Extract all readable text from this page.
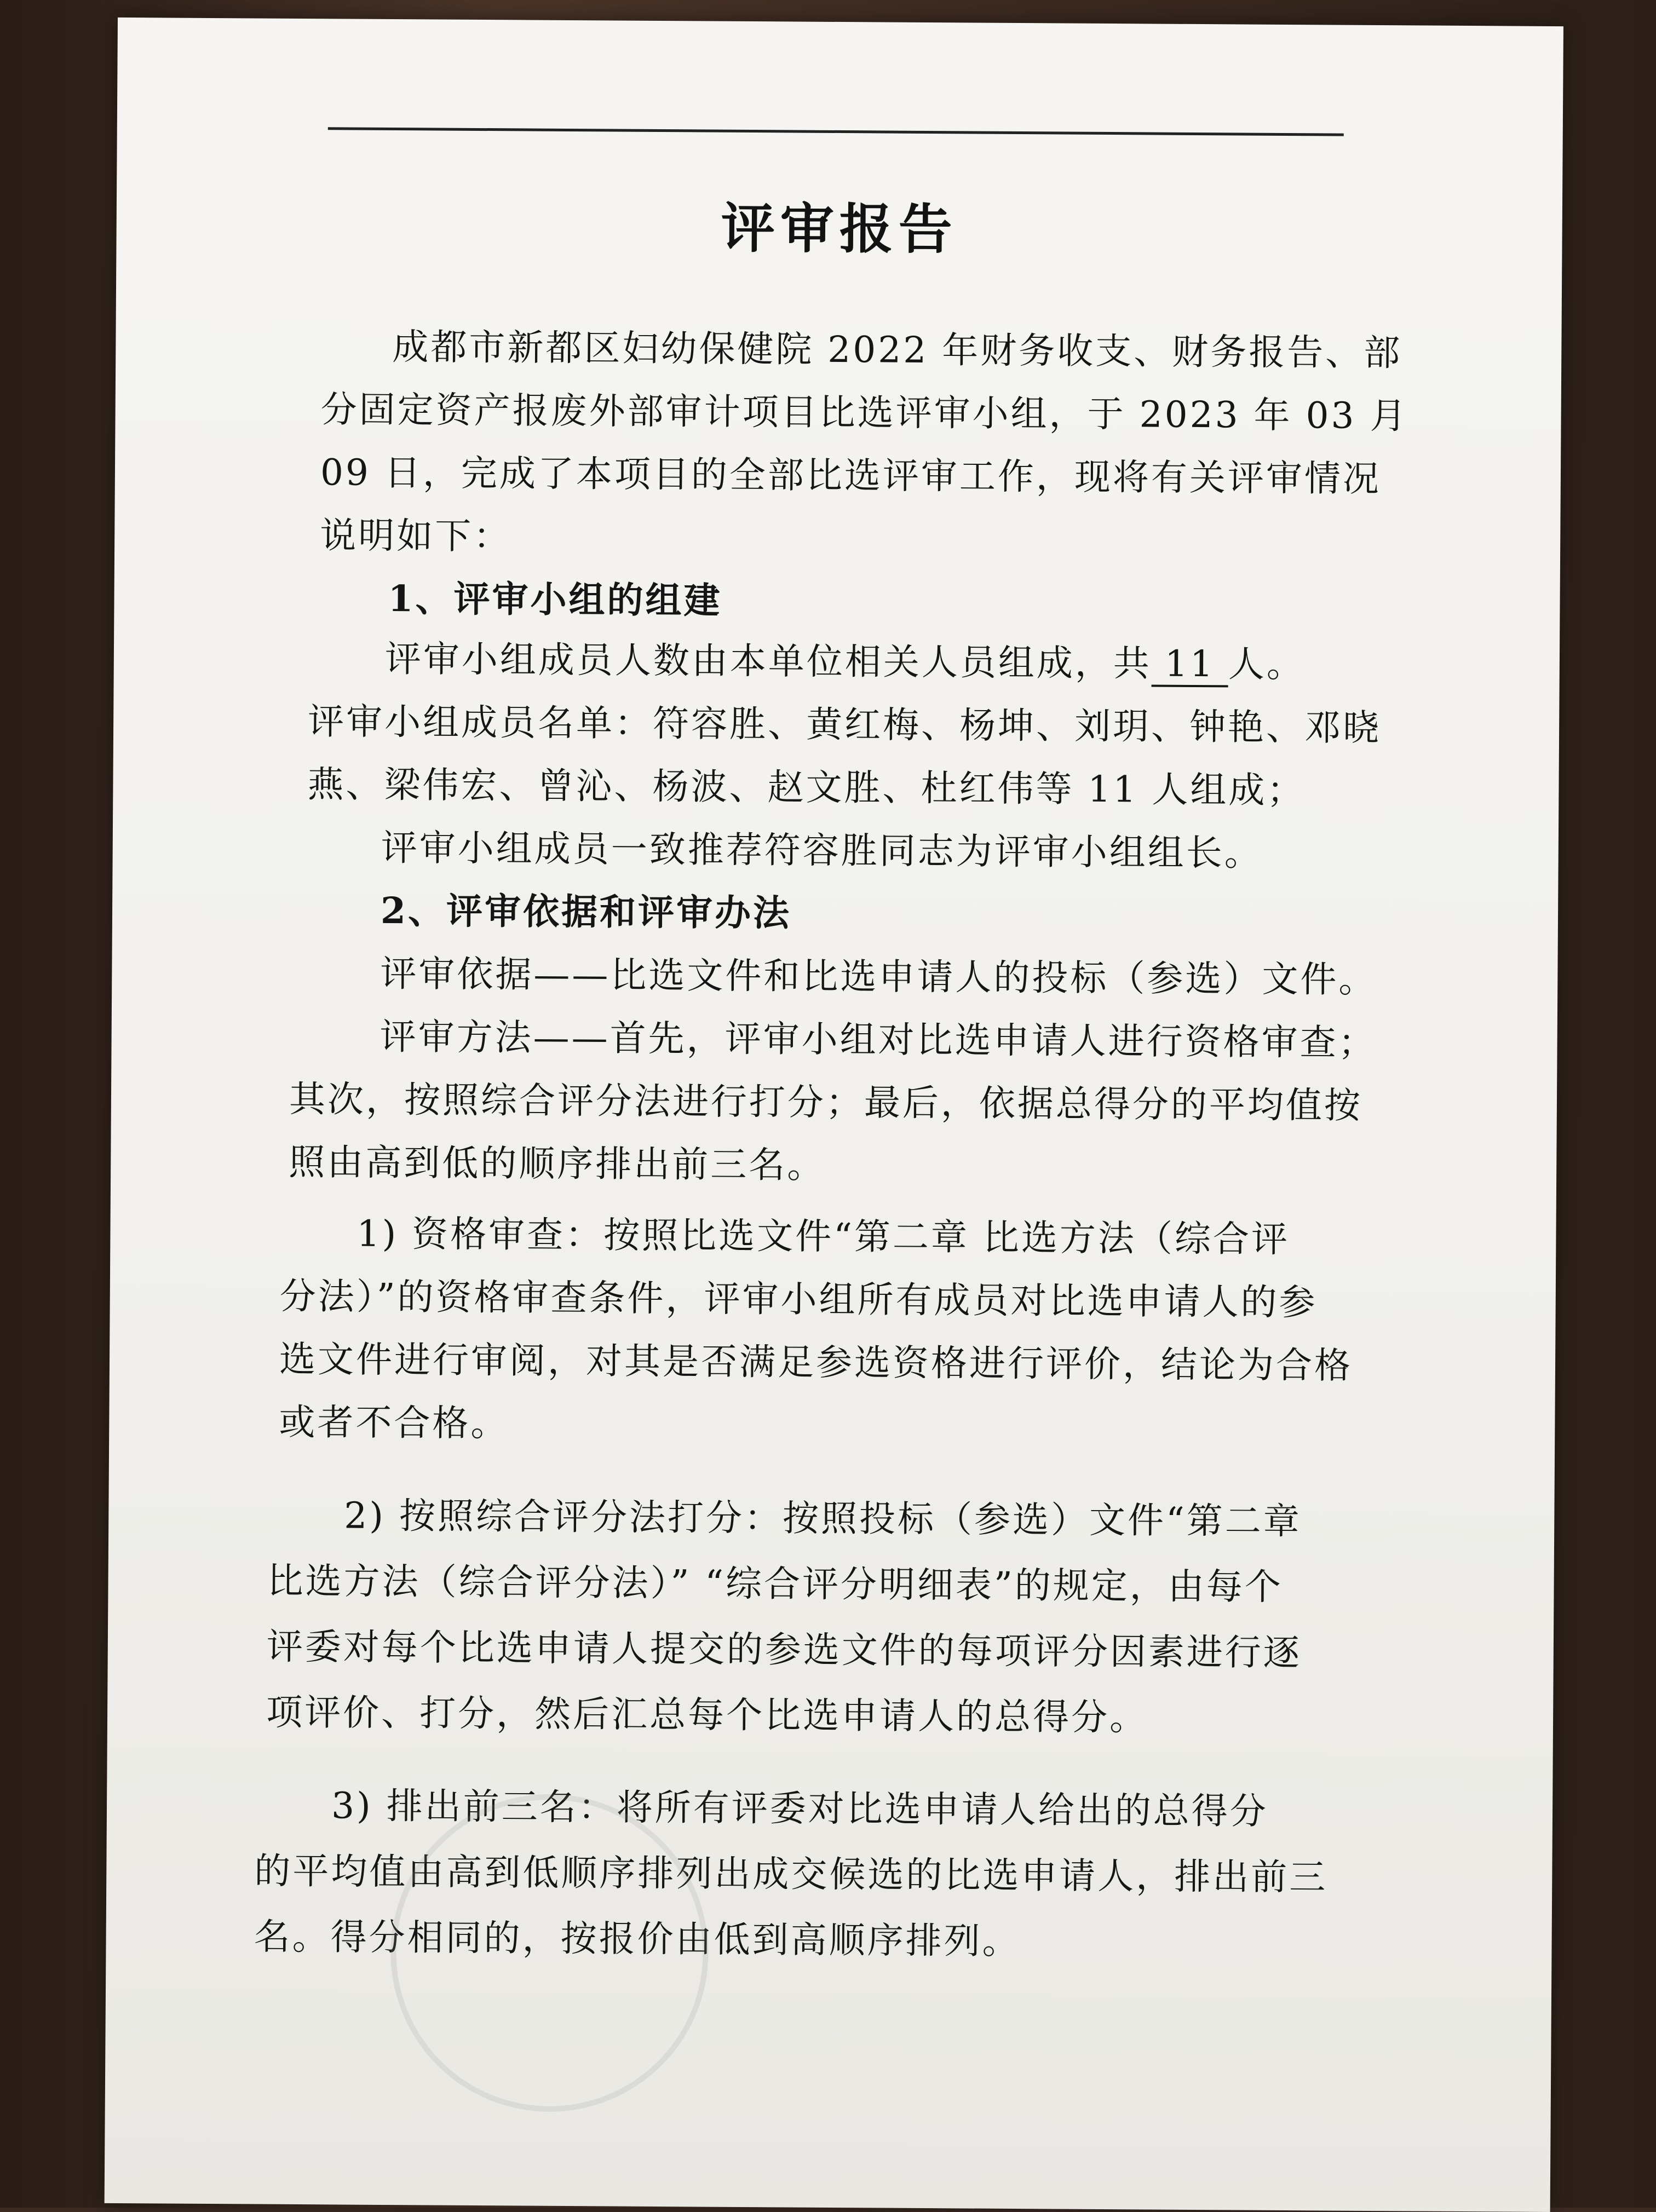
评审报告
成都市新都区妇幼保健院 2022 年财务收支、财务报告、部
分固定资产报废外部审计项目比选评审小组，于 2023 年 03 月
09 日，完成了本项目的全部比选评审工作，现将有关评审情况
说明如下：
1、评审小组的组建
评审小组成员人数由本单位相关人员组成，共 11 人。
评审小组成员名单：符容胜、黄红梅、杨坤、刘玥、钟艳、邓晓
燕、梁伟宏、曾沁、杨波、赵文胜、杜红伟等 11 人组成；
评审小组成员一致推荐符容胜同志为评审小组组长。
2、评审依据和评审办法
评审依据——比选文件和比选申请人的投标（参选）文件。
评审方法——首先，评审小组对比选申请人进行资格审查；
其次，按照综合评分法进行打分；最后，依据总得分的平均值按
照由高到低的顺序排出前三名。
1) 资格审查：按照比选文件“第二章 比选方法（综合评
分法）”的资格审查条件，评审小组所有成员对比选申请人的参
选文件进行审阅，对其是否满足参选资格进行评价，结论为合格
或者不合格。
2) 按照综合评分法打分：按照投标（参选）文件“第二章
比选方法（综合评分法）” “综合评分明细表”的规定，由每个
评委对每个比选申请人提交的参选文件的每项评分因素进行逐
项评价、打分，然后汇总每个比选申请人的总得分。
3) 排出前三名：将所有评委对比选申请人给出的总得分
的平均值由高到低顺序排列出成交候选的比选申请人，排出前三
名。得分相同的，按报价由低到高顺序排列。
